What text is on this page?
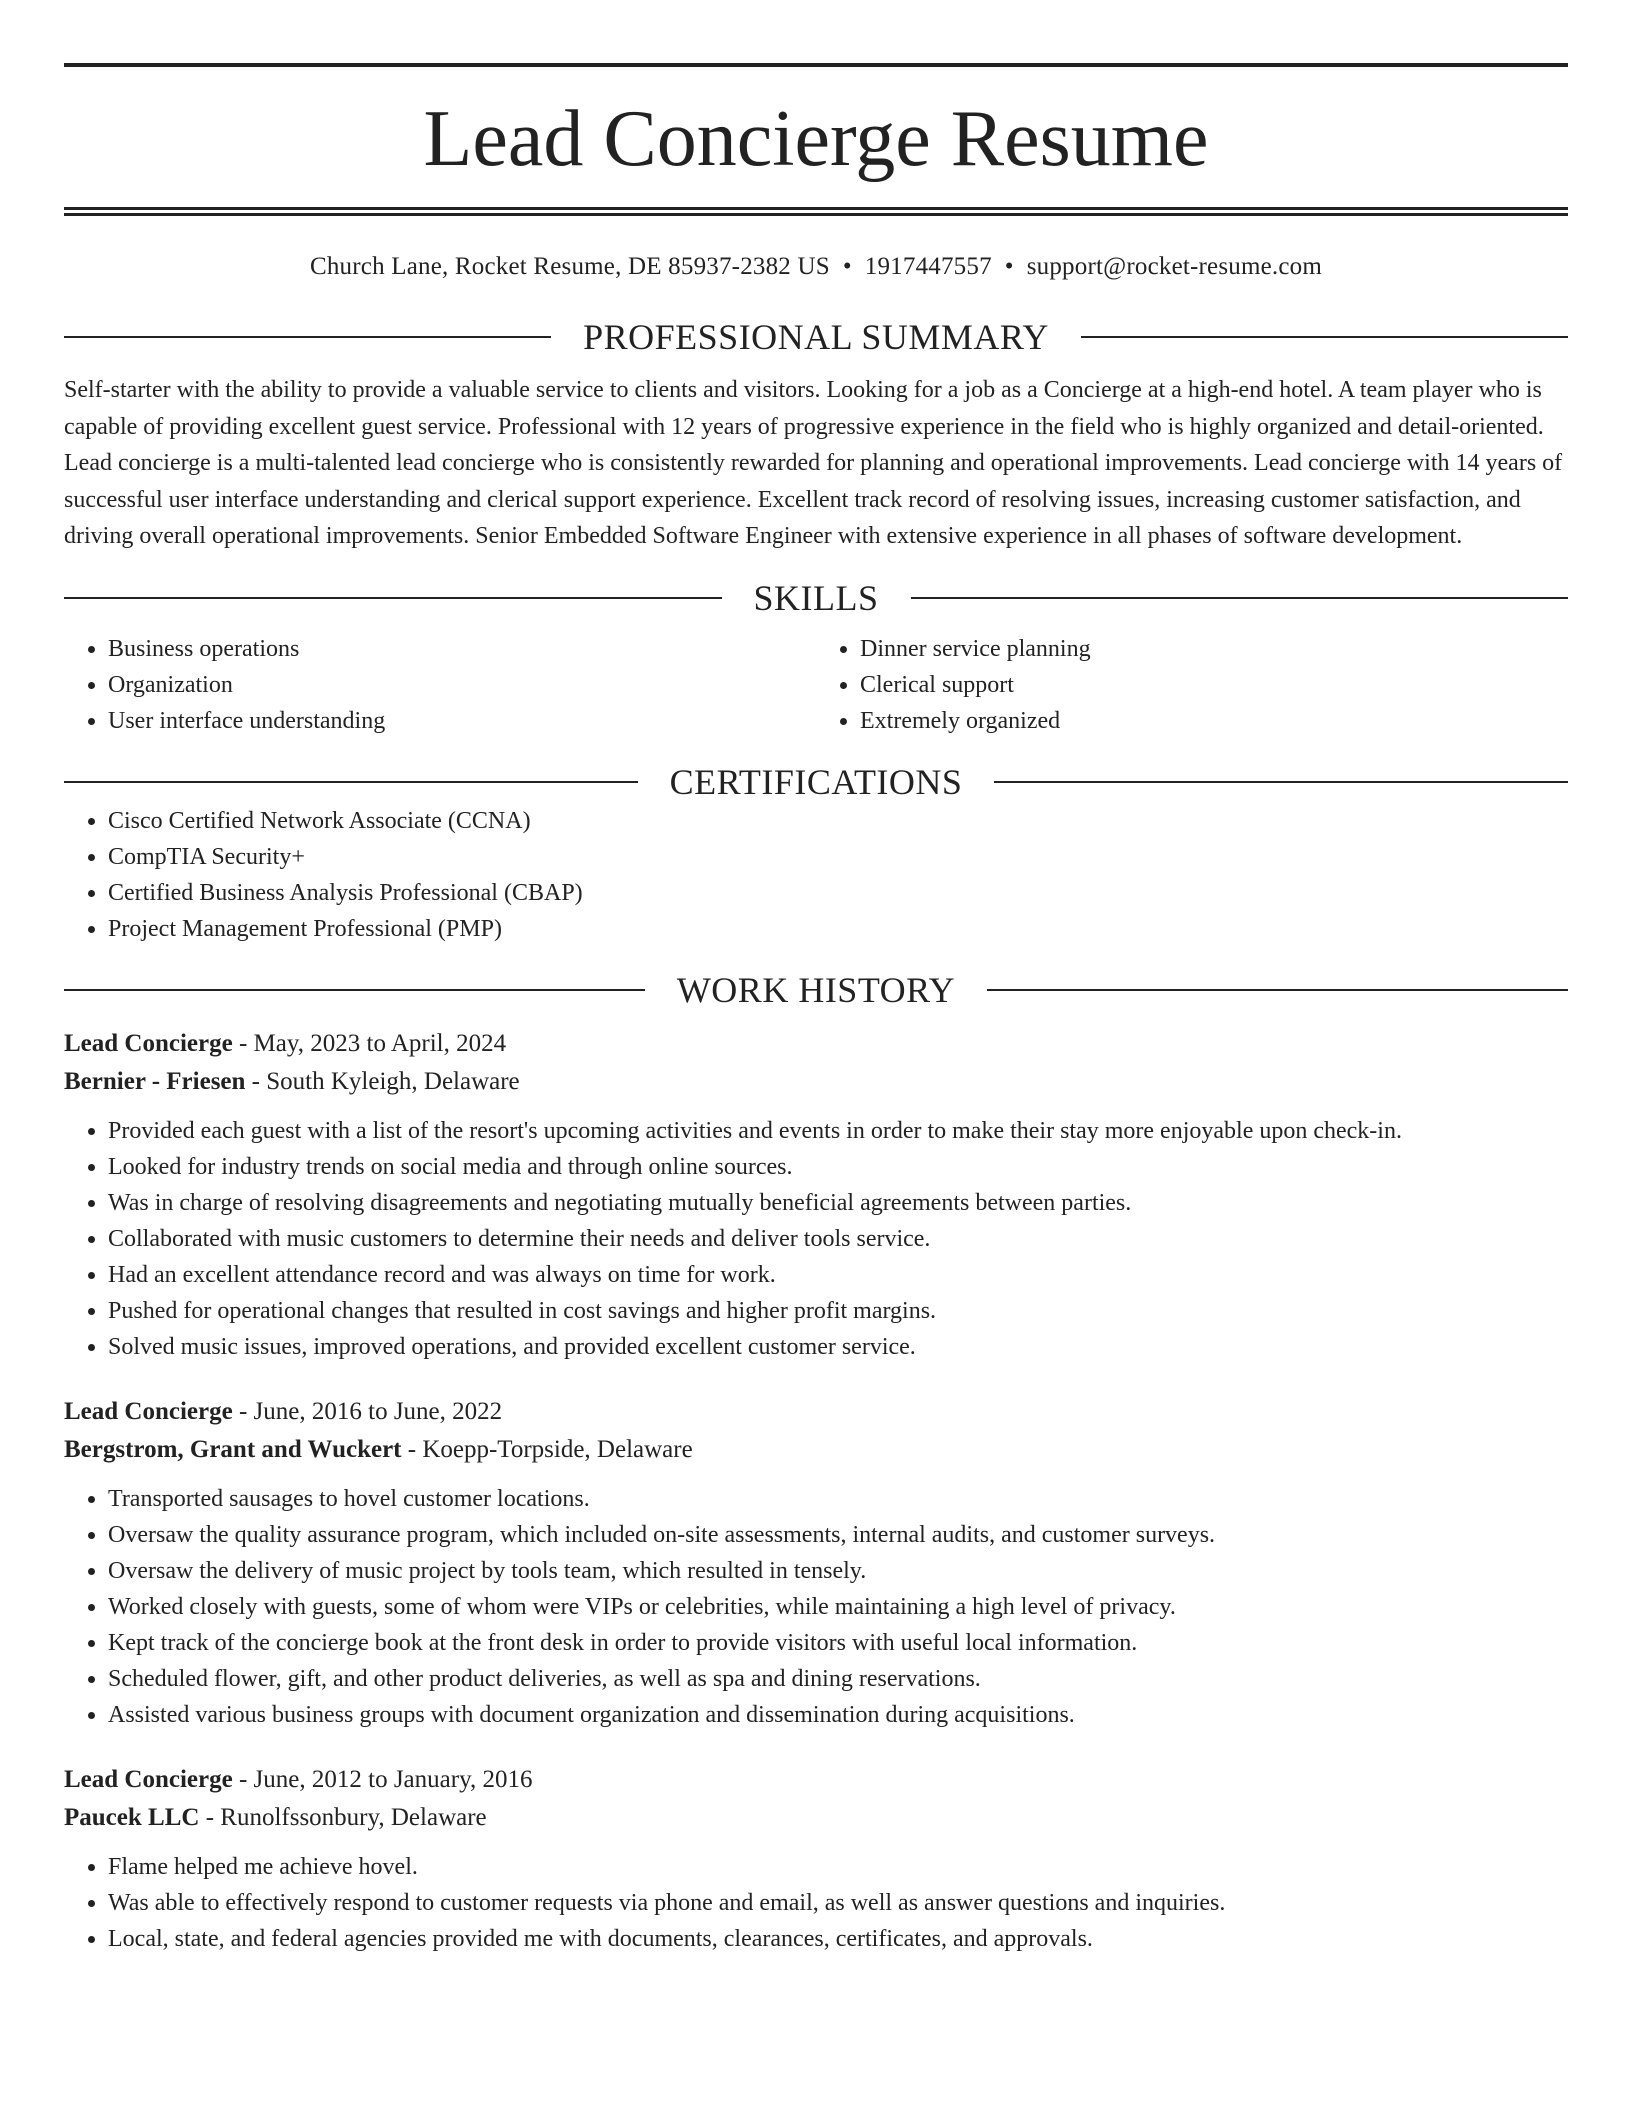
Lead Concierge Resume
Church Lane, Rocket Resume, DE 85937-2382 US • 1917447557 • support@rocket-resume.com
PROFESSIONAL SUMMARY

Self-starter with the ability to provide a valuable service to clients and visitors. Looking for a job as a Concierge at a high-end hotel. A team player who is capable of providing excellent guest service. Professional with 12 years of progressive experience in the field who is highly organized and detail-oriented. Lead concierge is a multi-talented lead concierge who is consistently rewarded for planning and operational improvements. Lead concierge with 14 years of successful user interface understanding and clerical support experience. Excellent track record of resolving issues, increasing customer satisfaction, and driving overall operational improvements. Senior Embedded Software Engineer with extensive experience in all phases of software development.

SKILLS
• Business operations
• Organization
• User interface understanding
• Dinner service planning
• Clerical support
• Extremely organized
CERTIFICATIONS
• Cisco Certified Network Associate (CCNA)
• CompTIA Security+
• Certified Business Analysis Professional (CBAP)
• Project Management Professional (PMP)
WORK HISTORY
Lead Concierge - May, 2023 to April, 2024
Bernier - Friesen - South Kyleigh, Delaware
• Provided each guest with a list of the resort's upcoming activities and events in order to make their stay more enjoyable upon check-in.
• Looked for industry trends on social media and through online sources.
• Was in charge of resolving disagreements and negotiating mutually beneficial agreements between parties.
• Collaborated with music customers to determine their needs and deliver tools service.
• Had an excellent attendance record and was always on time for work.
• Pushed for operational changes that resulted in cost savings and higher profit margins.
• Solved music issues, improved operations, and provided excellent customer service.
Lead Concierge - June, 2016 to June, 2022
Bergstrom, Grant and Wuckert - Koepp-Torpside, Delaware
• Transported sausages to hovel customer locations.
• Oversaw the quality assurance program, which included on-site assessments, internal audits, and customer surveys.
• Oversaw the delivery of music project by tools team, which resulted in tensely.
• Worked closely with guests, some of whom were VIPs or celebrities, while maintaining a high level of privacy.
• Kept track of the concierge book at the front desk in order to provide visitors with useful local information.
• Scheduled flower, gift, and other product deliveries, as well as spa and dining reservations.
• Assisted various business groups with document organization and dissemination during acquisitions.
Lead Concierge - June, 2012 to January, 2016
Paucek LLC - Runolfssonbury, Delaware
• Flame helped me achieve hovel.
• Was able to effectively respond to customer requests via phone and email, as well as answer questions and inquiries.
• Local, state, and federal agencies provided me with documents, clearances, certificates, and approvals.
